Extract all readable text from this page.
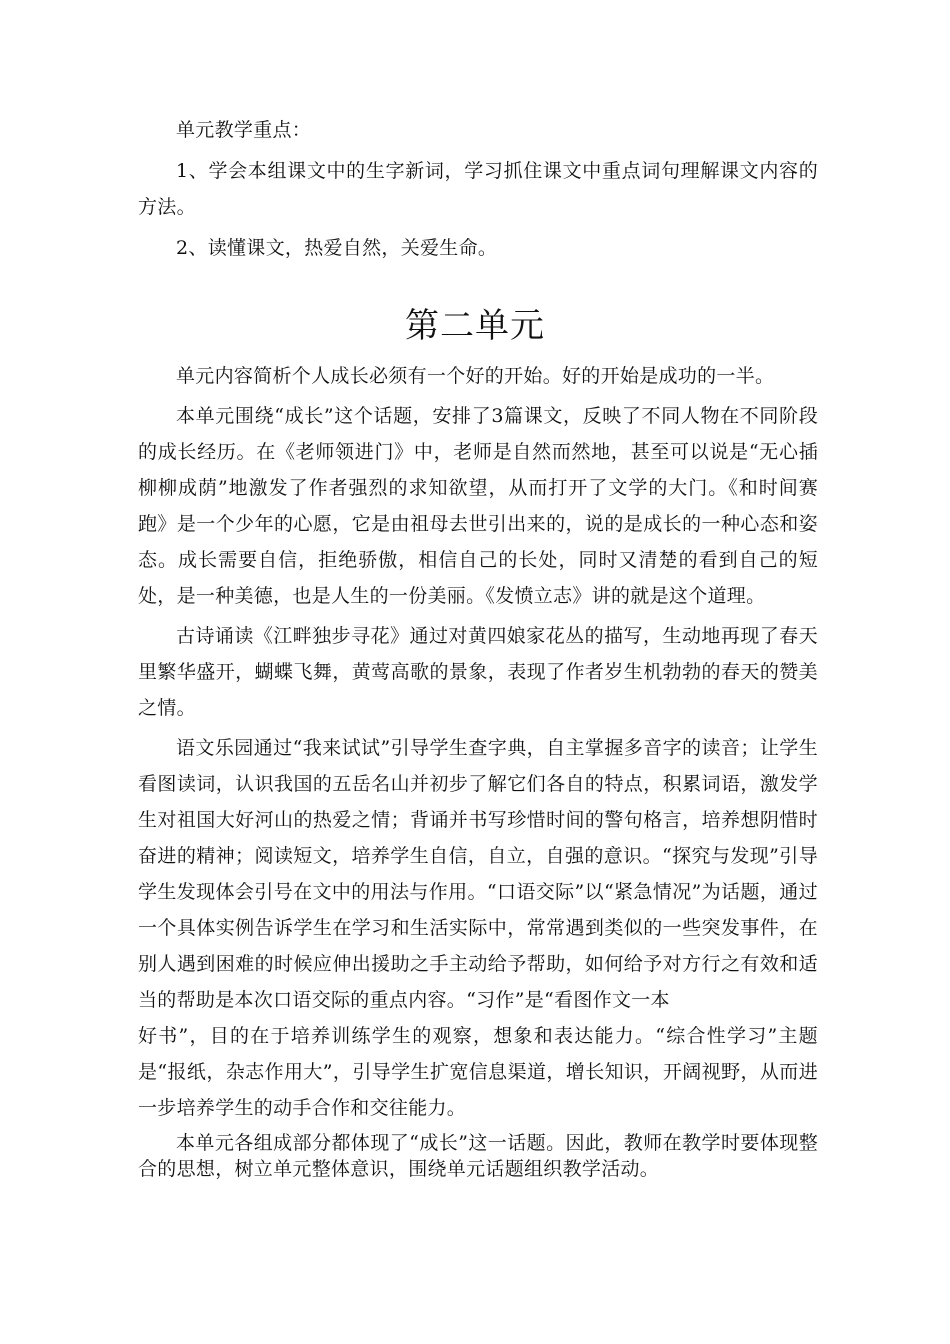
单元教学重点：

1、学会本组课文中的生字新词，学习抓住课文中重点词句理解课文内容的方法。

2、读懂课文，热爱自然，关爱生命。

第二单元

单元内容简析个人成长必须有一个好的开始。好的开始是成功的一半。

本单元围绕“成长”这个话题，安排了3篇课文，反映了不同人物在不同阶段的成长经历。在《老师领进门》中，老师是自然而然地，甚至可以说是“无心插柳柳成荫”地激发了作者强烈的求知欲望，从而打开了文学的大门。《和时间赛跑》是一个少年的心愿，它是由祖母去世引出来的，说的是成长的一种心态和姿态。成长需要自信，拒绝骄傲，相信自己的长处，同时又清楚的看到自己的短处，是一种美德，也是人生的一份美丽。《发愤立志》讲的就是这个道理。

古诗诵读《江畔独步寻花》通过对黄四娘家花丛的描写，生动地再现了春天里繁华盛开，蝴蝶飞舞，黄莺高歌的景象，表现了作者岁生机勃勃的春天的赞美之情。

语文乐园通过“我来试试”引导学生查字典，自主掌握多音字的读音；让学生看图读词，认识我国的五岳名山并初步了解它们各自的特点，积累词语，激发学生对祖国大好河山的热爱之情；背诵并书写珍惜时间的警句格言，培养想阴惜时奋进的精神；阅读短文，培养学生自信，自立，自强的意识。“探究与发现”引导学生发现体会引号在文中的用法与作用。“口语交际”以“紧急情况”为话题，通过一个具体实例告诉学生在学习和生活实际中，常常遇到类似的一些突发事件，在别人遇到困难的时候应伸出援助之手主动给予帮助，如何给予对方行之有效和适当的帮助是本次口语交际的重点内容。“习作”是“看图作文一本

好书”，目的在于培养训练学生的观察，想象和表达能力。“综合性学习”主题是“报纸，杂志作用大”，引导学生扩宽信息渠道，增长知识，开阔视野，从而进一步培养学生的动手合作和交往能力。

本单元各组成部分都体现了“成长”这一话题。因此，教师在教学时要体现整合的思想，树立单元整体意识，围绕单元话题组织教学活动。
